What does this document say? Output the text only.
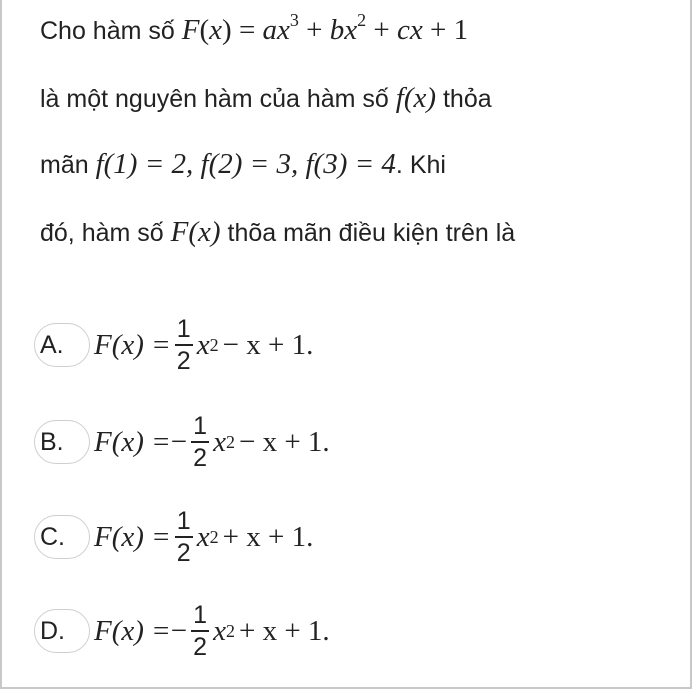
Cho hàm số $F(x) = ax^3 + bx^2$ + cx + 1
là một nguyên hàm của hàm số f(x) thỏa
mãn f(1) = 2, f(2) = 3, f(3) = 4. Khi
đó, hàm số F(x) thõa mãn điều kiện trên là
A.	$F(x) = \frac{1}{2}$ x 2 − x + 1.
B.	F(x) = − $\frac{1}{2}$ x 2 − x + 1.
C.	$F(x) = \frac{1}{2}$ x 2 + x + 1.
D.	F(x) = − $\frac{1}{2}$ x 2 + x + 1.
